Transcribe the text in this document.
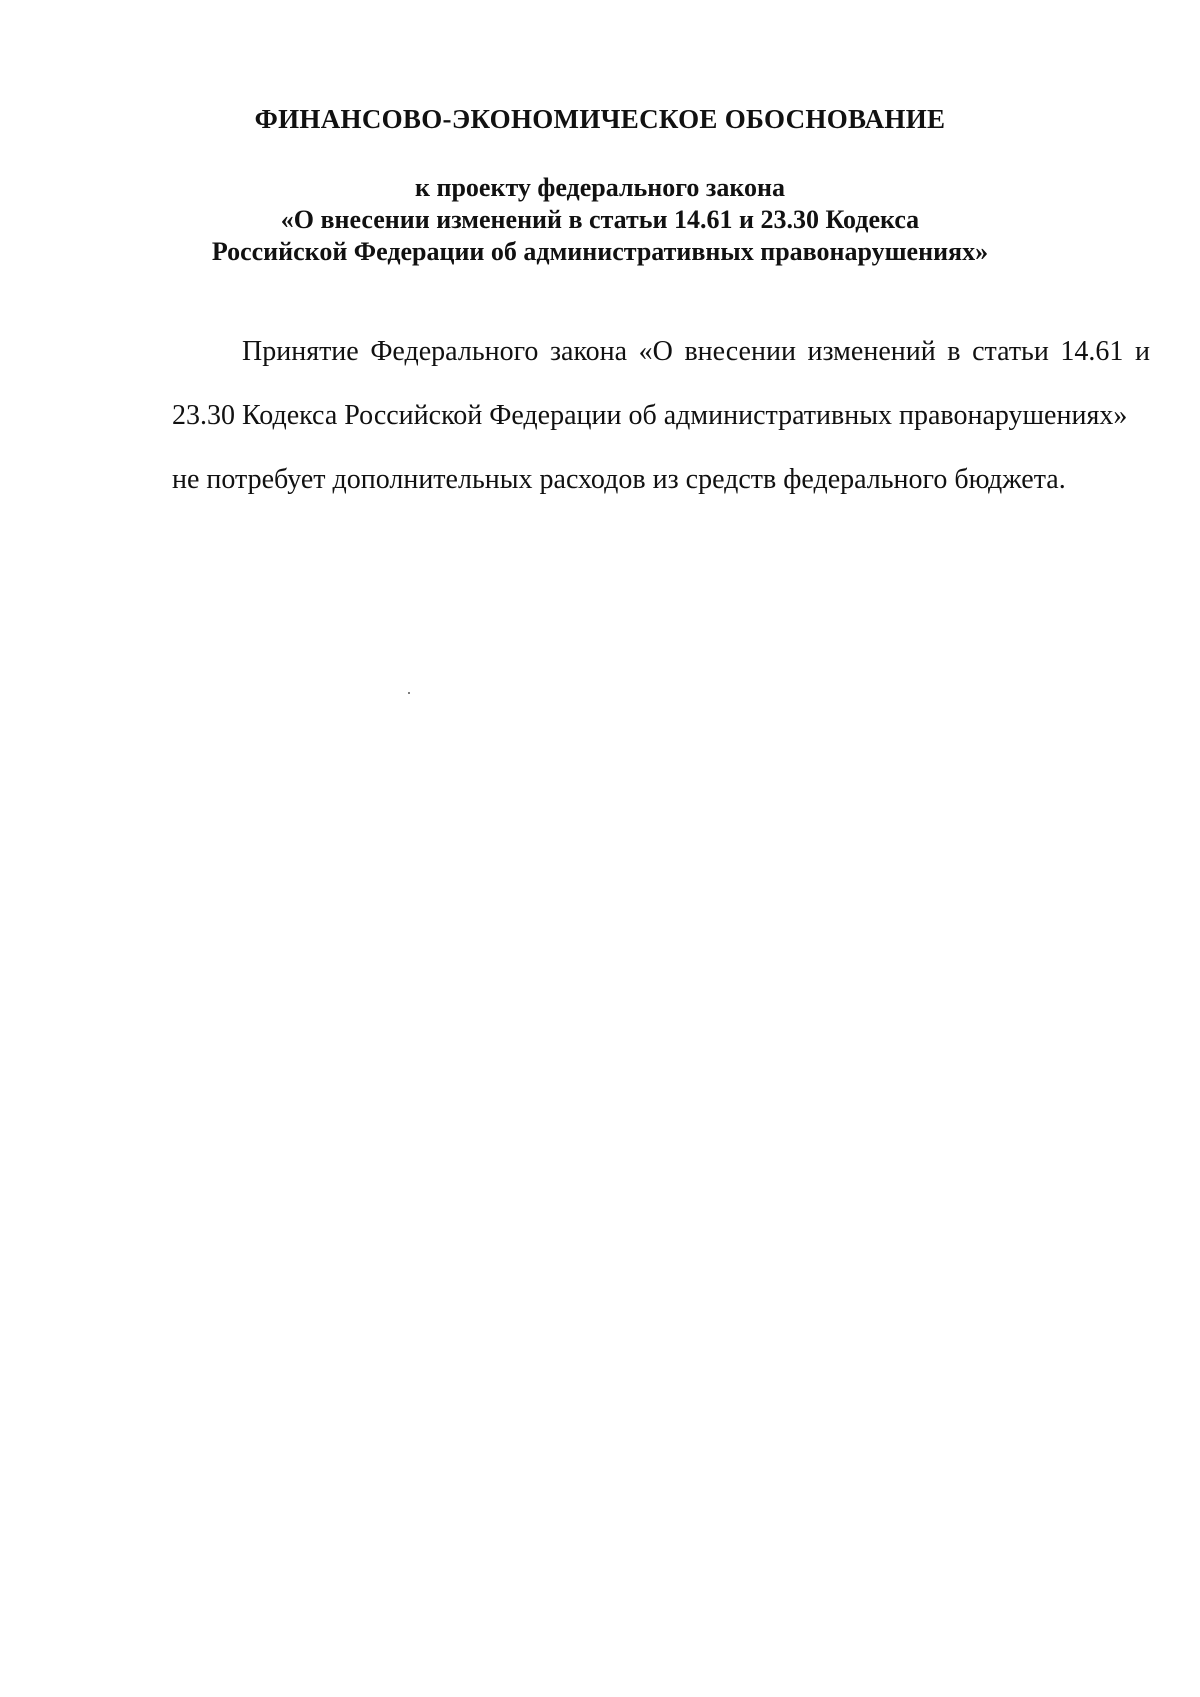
ФИНАНСОВО-ЭКОНОМИЧЕСКОЕ ОБОСНОВАНИЕ
к проекту федерального закона
«О внесении изменений в статьи 14.61 и 23.30 Кодекса
Российской Федерации об административных правонарушениях»

Принятие Федерального закона «О внесении изменений в статьи 14.61 и
23.30 Кодекса Российской Федерации об административных правонарушениях»
не потребует дополнительных расходов из средств федерального бюджета.
